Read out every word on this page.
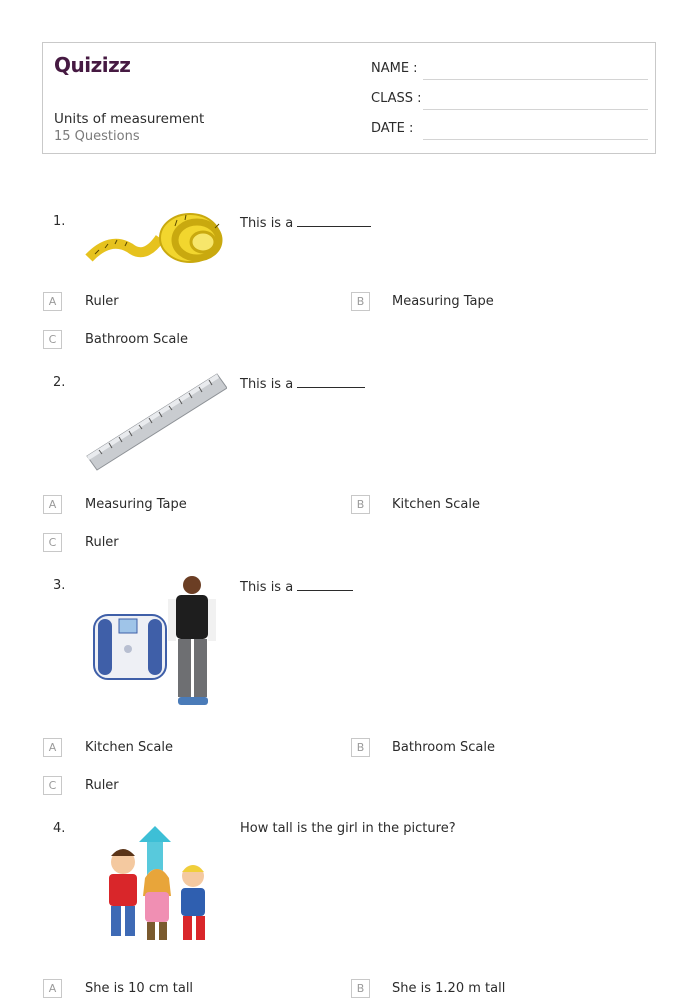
Quizizz
Units of measurement
15 Questions
NAME :
CLASS :
DATE :
1.	This is a
A	Ruler	B	Measuring Tape
C	Bathroom Scale
2.	This is a
A	Measuring Tape	B	Kitchen Scale
C	Ruler
3.	This is a
A	Kitchen Scale	B	Bathroom Scale
C	Ruler
4.	How tall is the girl in the picture?
A	She is 10 cm tall	B	She is 1.20 m tall
